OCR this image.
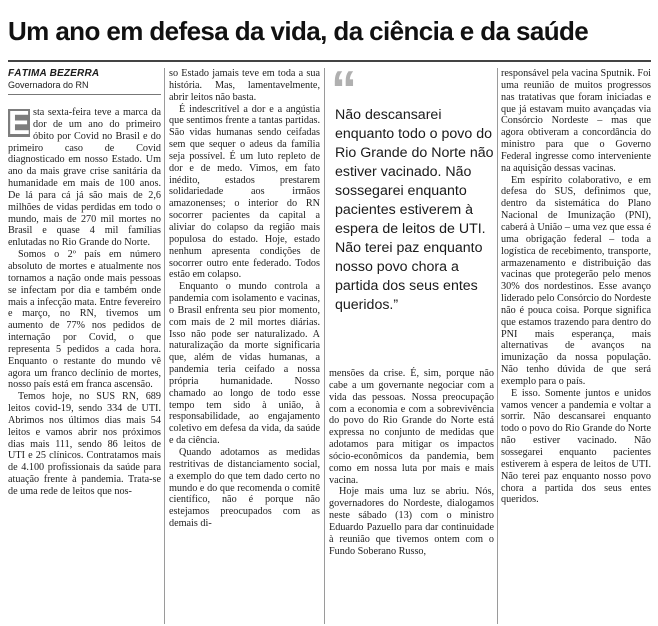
Um ano em defesa da vida, da ciência e da saúde
FÁTIMA BEZERRA
Governadora do RN

E sta sexta-feira teve a marca da dor de um ano do primeiro óbito por Covid no Brasil e do primeiro caso de Covid diagnosticado em nosso Estado. Um ano da mais grave crise sanitária da humanidade em mais de 100 anos. De lá para cá já são mais de 2,6 milhões de vidas perdidas em todo o mundo, mais de 270 mil mortes no Brasil e quase 4 mil famílias enlutadas no Rio Grande do Norte.

Somos o 2º país em número absoluto de mortes e atualmente nos tornamos a nação onde mais pessoas se infectam por dia e também onde mais a infecção mata. Entre fevereiro e março, no RN, tivemos um aumento de 77% nos pedidos de internação por Covid, o que representa 5 pedidos a cada hora. Enquanto o restante do mundo vê agora um franco declínio de mortes, nosso país está em franca ascensão.

Temos hoje, no SUS RN, 689 leitos covid-19, sendo 334 de UTI. Abrimos nos últimos dias mais 54 leitos e vamos abrir nos próximos dias mais 111, sendo 86 leitos de UTI e 25 clínicos. Contratamos mais de 4.100 profissionais da saúde para atuação frente à pandemia. Trata-se de uma rede de leitos que nos-

so Estado jamais teve em toda a sua história. Mas, lamentavelmente, abrir leitos não basta.

É indescritível a dor e a angústia que sentimos frente a tantas partidas. São vidas humanas sendo ceifadas sem que sequer o adeus da família seja possível. É um luto repleto de dor e de medo. Vimos, em fato inédito, estados prestarem solidariedade aos irmãos amazonenses; o interior do RN socorrer pacientes da capital a aliviar do colapso da região mais populosa do estado. Hoje, estado nenhum apresenta condições de socorrer outro ente federado. Todos estão em colapso.

Enquanto o mundo controla a pandemia com isolamento e vacinas, o Brasil enfrenta seu pior momento, com mais de 2 mil mortes diárias. Isso não pode ser naturalizado. A naturalização da morte significaria que, além de vidas humanas, a pandemia teria ceifado a nossa própria humanidade. Nosso chamado ao longo de todo esse tempo tem sido à união, à responsabilidade, ao engajamento coletivo em defesa da vida, da saúde e da ciência.

Quando adotamos as medidas restritivas de distanciamento social, a exemplo do que tem dado certo no mundo e do que recomenda o comitê científico, não é porque não estejamos preocupados com as demais di-

“
Não descansarei enquanto todo o povo do Rio Grande do Norte não estiver vacinado. Não sossegarei enquanto pacientes estiverem à espera de leitos de UTI. Não terei paz enquanto nosso povo chora a partida dos seus entes queridos.”

mensões da crise. É, sim, porque não cabe a um governante negociar com a vida das pessoas. Nossa preocupação com a economia e com a sobrevivência do povo do Rio Grande do Norte está expressa no conjunto de medidas que adotamos para mitigar os impactos sócio-econômicos da pandemia, bem como em nossa luta por mais e mais vacina.

Hoje mais uma luz se abriu. Nós, governadores do Nordeste, dialogamos neste sábado (13) com o ministro Eduardo Pazuello para dar continuidade à reunião que tivemos ontem com o Fundo Soberano Russo,

responsável pela vacina Sputnik. Foi uma reunião de muitos progressos nas tratativas que foram iniciadas e que já estavam muito avançadas via Consórcio Nordeste – mas que agora obtiveram a concordância do ministro para que o Governo Federal ingresse como interveniente na aquisição dessas vacinas.

Em espírito colaborativo, e em defesa do SUS, definimos que, dentro da sistemática do Plano Nacional de Imunização (PNI), caberá à União – uma vez que essa é uma obrigação federal – toda a logística de recebimento, transporte, armazenamento e distribuição das vacinas que protegerão pelo menos 30% dos nordestinos. Esse avanço liderado pelo Consórcio do Nordeste não é pouca coisa. Porque significa que estamos trazendo para dentro do PNI mais esperança, mais alternativas de avanços na imunização da nossa população. Não tenho dúvida de que será exemplo para o país.

E isso. Somente juntos e unidos vamos vencer a pandemia e voltar a sorrir. Não descansarei enquanto todo o povo do Rio Grande do Norte não estiver vacinado. Não sossegarei enquanto pacientes estiverem à espera de leitos de UTI. Não terei paz enquanto nosso povo chora a partida dos seus entes queridos.
